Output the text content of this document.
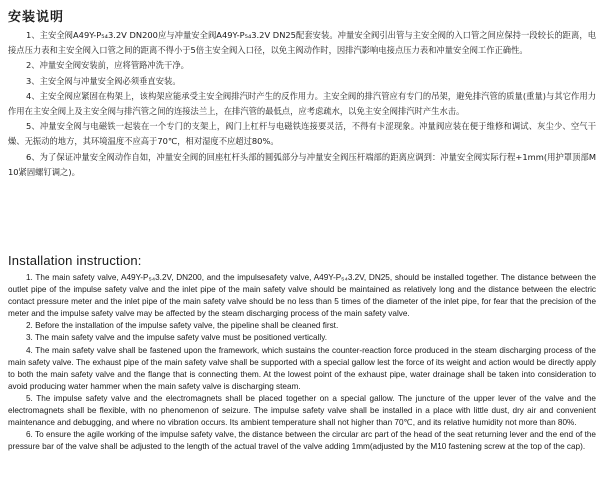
安装说明

1、主安全阀A49Y-P₅₄3.2V DN200应与冲量安全阀A49Y-P₅₄3.2V DN25配套安装。冲量安全阀引出管与主安全阀的入口管之间应保持一段较长的距离，电接点压力表和主安全阀入口管之间的距离不得小于5倍主安全阀入口径，以免主阀动作时，因排汽影响电接点压力表和冲量安全阀工作正确性。

2、冲量安全阀安装前，应将管路冲洗干净。

3、主安全阀与冲量安全阀必须垂直安装。

4、主安全阀应紧固在构架上，该构架应能承受主安全阀排汽时产生的反作用力。主安全阀的排汽管应有专门的吊架，避免排汽管的质量(重量)与其它作用力作用在主安全阀上及主安全阀与排汽管之间的连接法兰上，在排汽管的最低点，应考虑疏水，以免主安全阀排汽时产生水击。

5、冲量安全阀与电磁铁一起装在一个专门的支架上，阀门上杠杆与电磁铁连接要灵活，不得有卡涩现象。冲量阀应装在便于维修和调试、灰尘少、空气干燥、无振动的地方，其环境温度不应高于70℃，相对湿度不应超过80%。

6、为了保证冲量安全阀动作自如，冲量安全阀的回座杠杆头部的圆弧部分与冲量安全阀压杆端部的距离应调到：冲量安全阀实际行程+1mm(用护罩顶部M10紧固螺钉调之)。

Installation instruction:

1. The main safety valve, A49Y-P₅₄3.2V, DN200, and the impulsesafety valve, A49Y-P₅₄3.2V, DN25, should be installed together. The distance between the outlet pipe of the impulse safety valve and the inlet pipe of the main safety valve should be maintained as relatively long and the distance between the electric contact pressure meter and the inlet pipe of the main safety valve should be no less than 5 times of the diameter of the inlet pipe, for fear that the precision of the meter and the impulse safety valve may be affected by the steam discharging process of the main safety valve.

2. Before the installation of the impulse safety valve, the pipeline shall be cleaned first.

3. The main safety valve and the impulse safety valve must be positioned vertically.

4. The main safety valve shall be fastened upon the framework, which sustains the counter-reaction force produced in the steam discharging process of the main safety valve. The exhaust pipe of the main safety valve shall be supported with a special gallow lest the force of its weight and action would be directly apply to both the main safety valve and the flange that is connecting them. At the lowest point of the exhaust pipe, water drainage shall be taken into consideration to avoid producing water hammer when the main safety valve is discharging steam.

5. The impulse safety valve and the electromagnets shall be placed together on a special gallow. The juncture of the upper lever of the valve and the electromagnets shall be flexible, with no phenomenon of seizure. The impulse safety valve shall be installed in a place with little dust, dry air and convenient maintenance and debugging, and where no vibration occurs. Its ambient temperature shall not higher than 70℃, and its relative humidity not more than 80%.

6. To ensure the agile working of the impulse safety valve, the distance between the circular arc part of the head of the seat returning lever and the end of the pressure bar of the valve shall be adjusted to the length of the actual travel of the valve adding 1mm(adjusted by the M10 fastening screw at the top of the cap).
